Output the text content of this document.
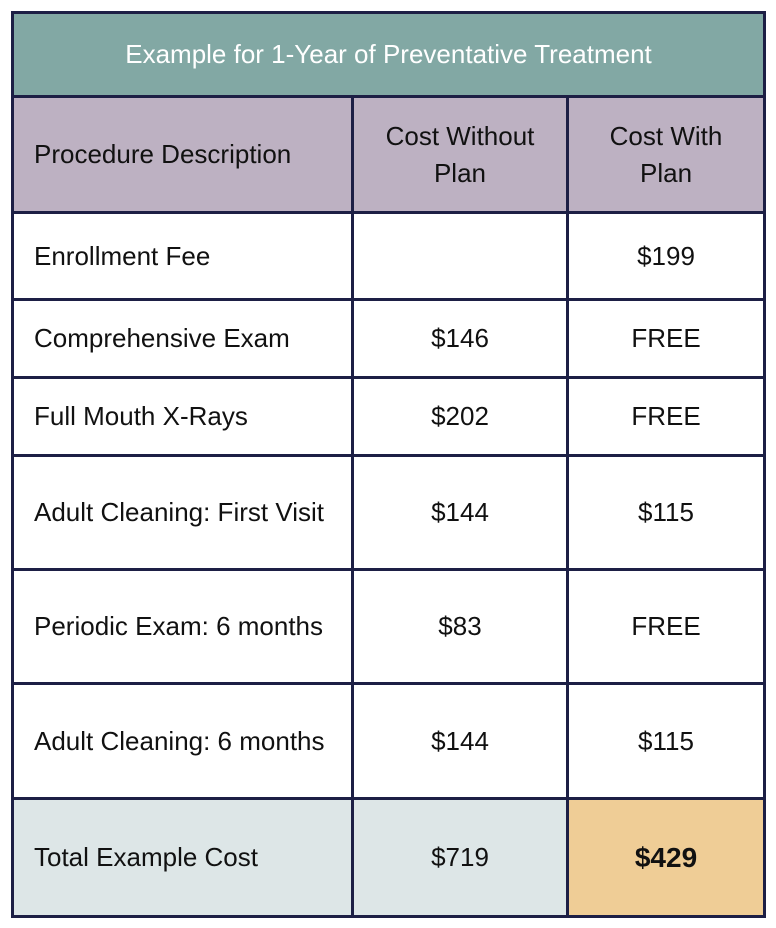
Example for 1-Year of Preventative Treatment		
Procedure Description	Cost Without Plan	Cost With Plan
Enrollment Fee		$199
Comprehensive Exam	$146	FREE
Full Mouth X-Rays	$202	FREE
Adult Cleaning: First Visit	$144	$115
Periodic Exam: 6 months	$83	FREE
Adult Cleaning: 6 months	$144	$115
Total Example Cost	$719	$429
